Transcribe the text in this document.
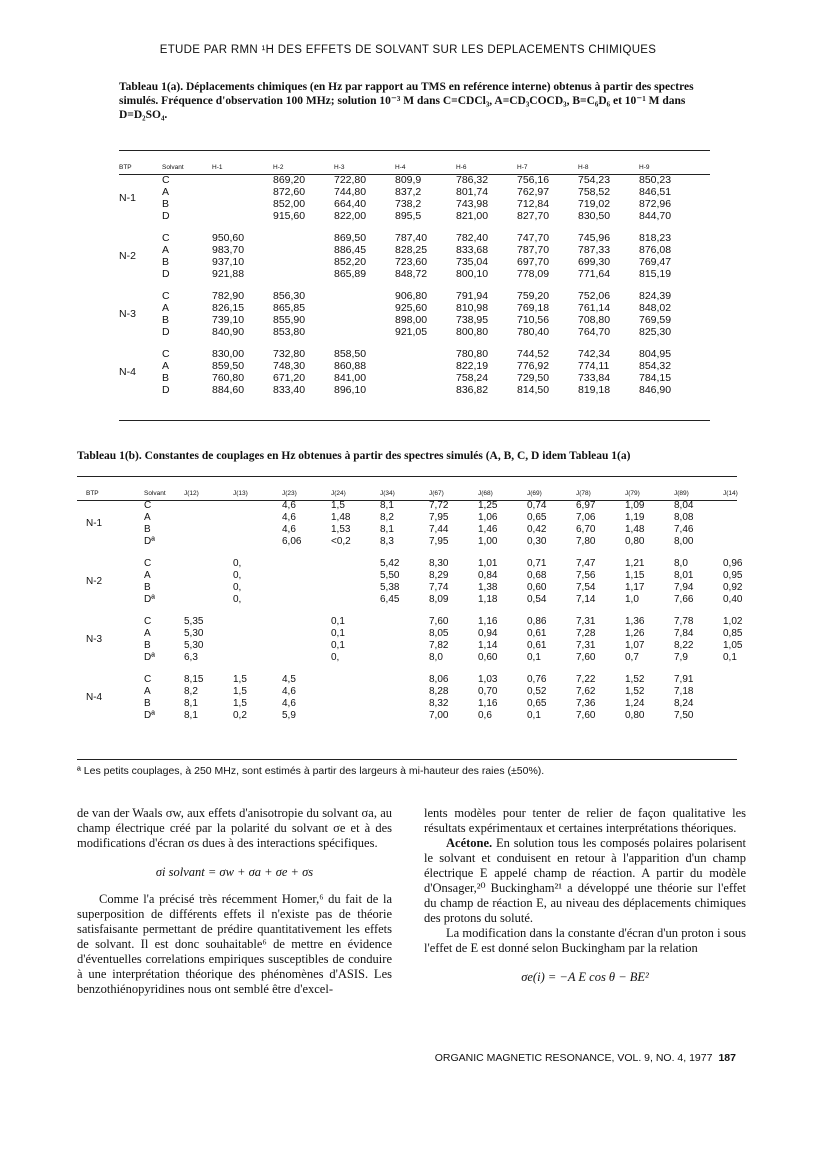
ETUDE PAR RMN ¹H DES EFFETS DE SOLVANT SUR LES DEPLACEMENTS CHIMIQUES
Tableau 1(a). Déplacements chimiques (en Hz par rapport au TMS en reférence interne) obtenus à partir des spectres simulés. Fréquence d'observation 100 MHz; solution 10⁻³ M dans C=CDCl₃, A=CD₃COCD₃, B=C₆D₆ et 10⁻¹ M dans D=D₂SO₄.
BTP	Solvant	H-1	H-2	H-3	H-4	H-6	H-7	H-8	H-9
N-1	C		869,20	722,80	809,9	786,32	756,16	754,23	850,23
	A		872,60	744,80	837,2	801,74	762,97	758,52	846,51
	B		852,00	664,40	738,2	743,98	712,84	719,02	872,96
	D		915,60	822,00	895,5	821,00	827,70	830,50	844,70

N-2	C	950,60		869,50	787,40	782,40	747,70	745,96	818,23
	A	983,70		886,45	828,25	833,68	787,70	787,33	876,08
	B	937,10		852,20	723,60	735,04	697,70	699,30	769,47
	D	921,88		865,89	848,72	800,10	778,09	771,64	815,19

N-3	C	782,90	856,30		906,80	791,94	759,20	752,06	824,39
	A	826,15	865,85		925,60	810,98	769,18	761,14	848,02
	B	739,10	855,90		898,00	738,95	710,56	708,80	769,59
	D	840,90	853,80		921,05	800,80	780,40	764,70	825,30

N-4	C	830,00	732,80	858,50		780,80	744,52	742,34	804,95
	A	859,50	748,30	860,88		822,19	776,92	774,11	854,32
	B	760,80	671,20	841,00		758,24	729,50	733,84	784,15
	D	884,60	833,40	896,10		836,82	814,50	819,18	846,90
Tableau 1(b). Constantes de couplages en Hz obtenues à partir des spectres simulés (A, B, C, D idem Tableau 1(a)
BTP	Solvant	J(12)	J(13)	J(23)	J(24)	J(34)	J(67)	J(68)	J(69)	J(78)	J(79)	J(89)	J(14)
N-1	C			4,6	1,5	8,1	7,72	1,25	0,74	6,97	1,09	8,04	
	A			4,6	1,48	8,2	7,95	1,06	0,65	7,06	1,19	8,08	
	B			4,6	1,53	8,1	7,44	1,46	0,42	6,70	1,48	7,46	
	Dª			6,06	<0,2	8,3	7,95	1,00	0,30	7,80	0,80	8,00	

N-2	C		0,			5,42	8,30	1,01	0,71	7,47	1,21	8,0	0,96
	A		0,			5,50	8,29	0,84	0,68	7,56	1,15	8,01	0,95
	B		0,			5,38	7,74	1,38	0,60	7,54	1,17	7,94	0,92
	Dª		0,			6,45	8,09	1,18	0,54	7,14	1,0	7,66	0,40

N-3	C	5,35			0,1		7,60	1,16	0,86	7,31	1,36	7,78	1,02
	A	5,30			0,1		8,05	0,94	0,61	7,28	1,26	7,84	0,85
	B	5,30			0,1		7,82	1,14	0,61	7,31	1,07	8,22	1,05
	Dª	6,3			0,		8,0	0,60	0,1	7,60	0,7	7,9	0,1

N-4	C	8,15	1,5	4,5			8,06	1,03	0,76	7,22	1,52	7,91	
	A	8,2	1,5	4,6			8,28	0,70	0,52	7,62	1,52	7,18	
	B	8,1	1,5	4,6			8,32	1,16	0,65	7,36	1,24	8,24	
	Dª	8,1	0,2	5,9			7,00	0,6	0,1	7,60	0,80	7,50	
ª Les petits couplages, à 250 MHz, sont estimés à partir des largeurs à mi-hauteur des raies (±50%).

de van der Waals σw, aux effets d'anisotropie du solvant σa, au champ électrique créé par la polarité du solvant σe et à des modifications d'écran σs dues à des interactions spécifiques.

σi solvant = σw + σa + σe + σs

Comme l'a précisé très récemment Homer,⁶ du fait de la superposition de différents effets il n'existe pas de théorie satisfaisante permettant de prédire quantitativement les effets de solvant. Il est donc souhaitable⁶ de mettre en évidence d'éventuelles correlations empiriques susceptibles de conduire à une interprétation théorique des phénomènes d'ASIS. Les benzothiénopyridines nous ont semblé être d'excel-

lents modèles pour tenter de relier de façon qualitative les résultats expérimentaux et certaines interprétations théoriques.

Acétone. En solution tous les composés polaires polarisent le solvant et conduisent en retour à l'apparition d'un champ électrique E appelé champ de réaction. A partir du modèle d'Onsager,²⁰ Buckingham²¹ a développé une théorie sur l'effet du champ de réaction E, au niveau des déplacements chimiques des protons du soluté.

La modification dans la constante d'écran d'un proton i sous l'effet de E est donné selon Buckingham par la relation

σe(i) = −A E cos θ − BE²

ORGANIC MAGNETIC RESONANCE, VOL. 9, NO. 4, 1977 187
